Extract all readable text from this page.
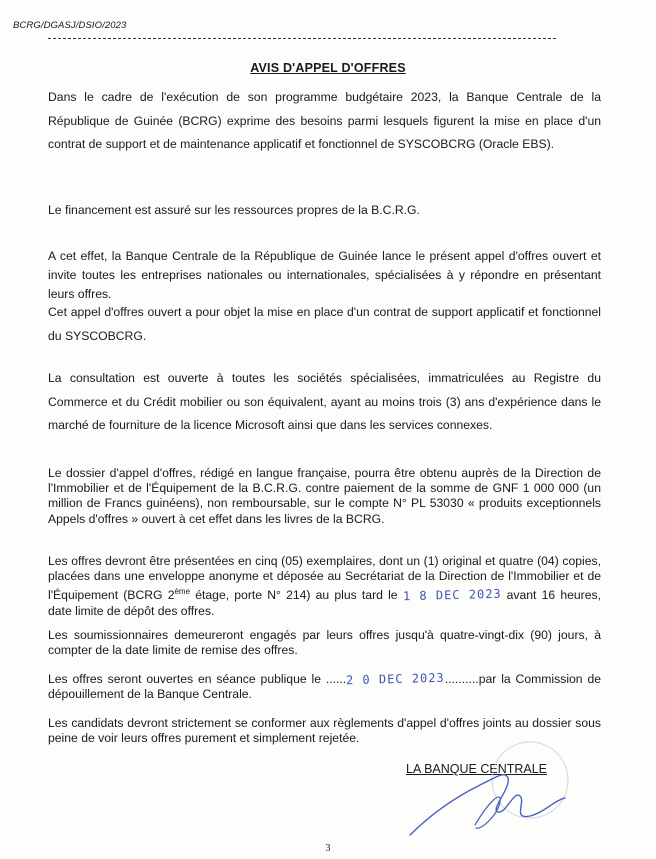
BCRG/DGASJ/DSIO/2023
AVIS D'APPEL D'OFFRES

Dans le cadre de l'exécution de son programme budgétaire 2023, la Banque Centrale de la République de Guinée (BCRG) exprime des besoins parmi lesquels figurent la mise en place d'un contrat de support et de maintenance applicatif et fonctionnel de SYSCOBCRG (Oracle EBS).

Le financement est assuré sur les ressources propres de la B.C.R.G.

A cet effet, la Banque Centrale de la République de Guinée lance le présent appel d'offres ouvert et invite toutes les entreprises nationales ou internationales, spécialisées à y répondre en présentant leurs offres.

Cet appel d'offres ouvert a pour objet la mise en place d'un contrat de support applicatif et fonctionnel du SYSCOBCRG.

La consultation est ouverte à toutes les sociétés spécialisées, immatriculées au Registre du Commerce et du Crédit mobilier ou son équivalent, ayant au moins trois (3) ans d'expérience dans le marché de fourniture de la licence Microsoft ainsi que dans les services connexes.

Le dossier d'appel d'offres, rédigé en langue française, pourra être obtenu auprès de la Direction de l'Immobilier et de l'Équipement de la B.C.R.G. contre paiement de la somme de GNF 1 000 000 (un million de Francs guinéens), non remboursable, sur le compte N° PL 53030 « produits exceptionnels Appels d'offres » ouvert à cet effet dans les livres de la BCRG.

Les offres devront être présentées en cinq (05) exemplaires, dont un (1) original et quatre (04) copies, placées dans une enveloppe anonyme et déposée au Secrétariat de la Direction de l'Immobilier et de l'Équipement (BCRG 2ème étage, porte N° 214) au plus tard le 1 8 DEC 2023 avant 16 heures, date limite de dépôt des offres.

Les soumissionnaires demeureront engagés par leurs offres jusqu'à quatre-vingt-dix (90) jours, à compter de la date limite de remise des offres.

Les offres seront ouvertes en séance publique le ......2 0 DEC 2023..........par la Commission de dépouillement de la Banque Centrale.

Les candidats devront strictement se conformer aux règlements d'appel d'offres joints au dossier sous peine de voir leurs offres purement et simplement rejetée.

LA BANQUE CENTRALE
3
